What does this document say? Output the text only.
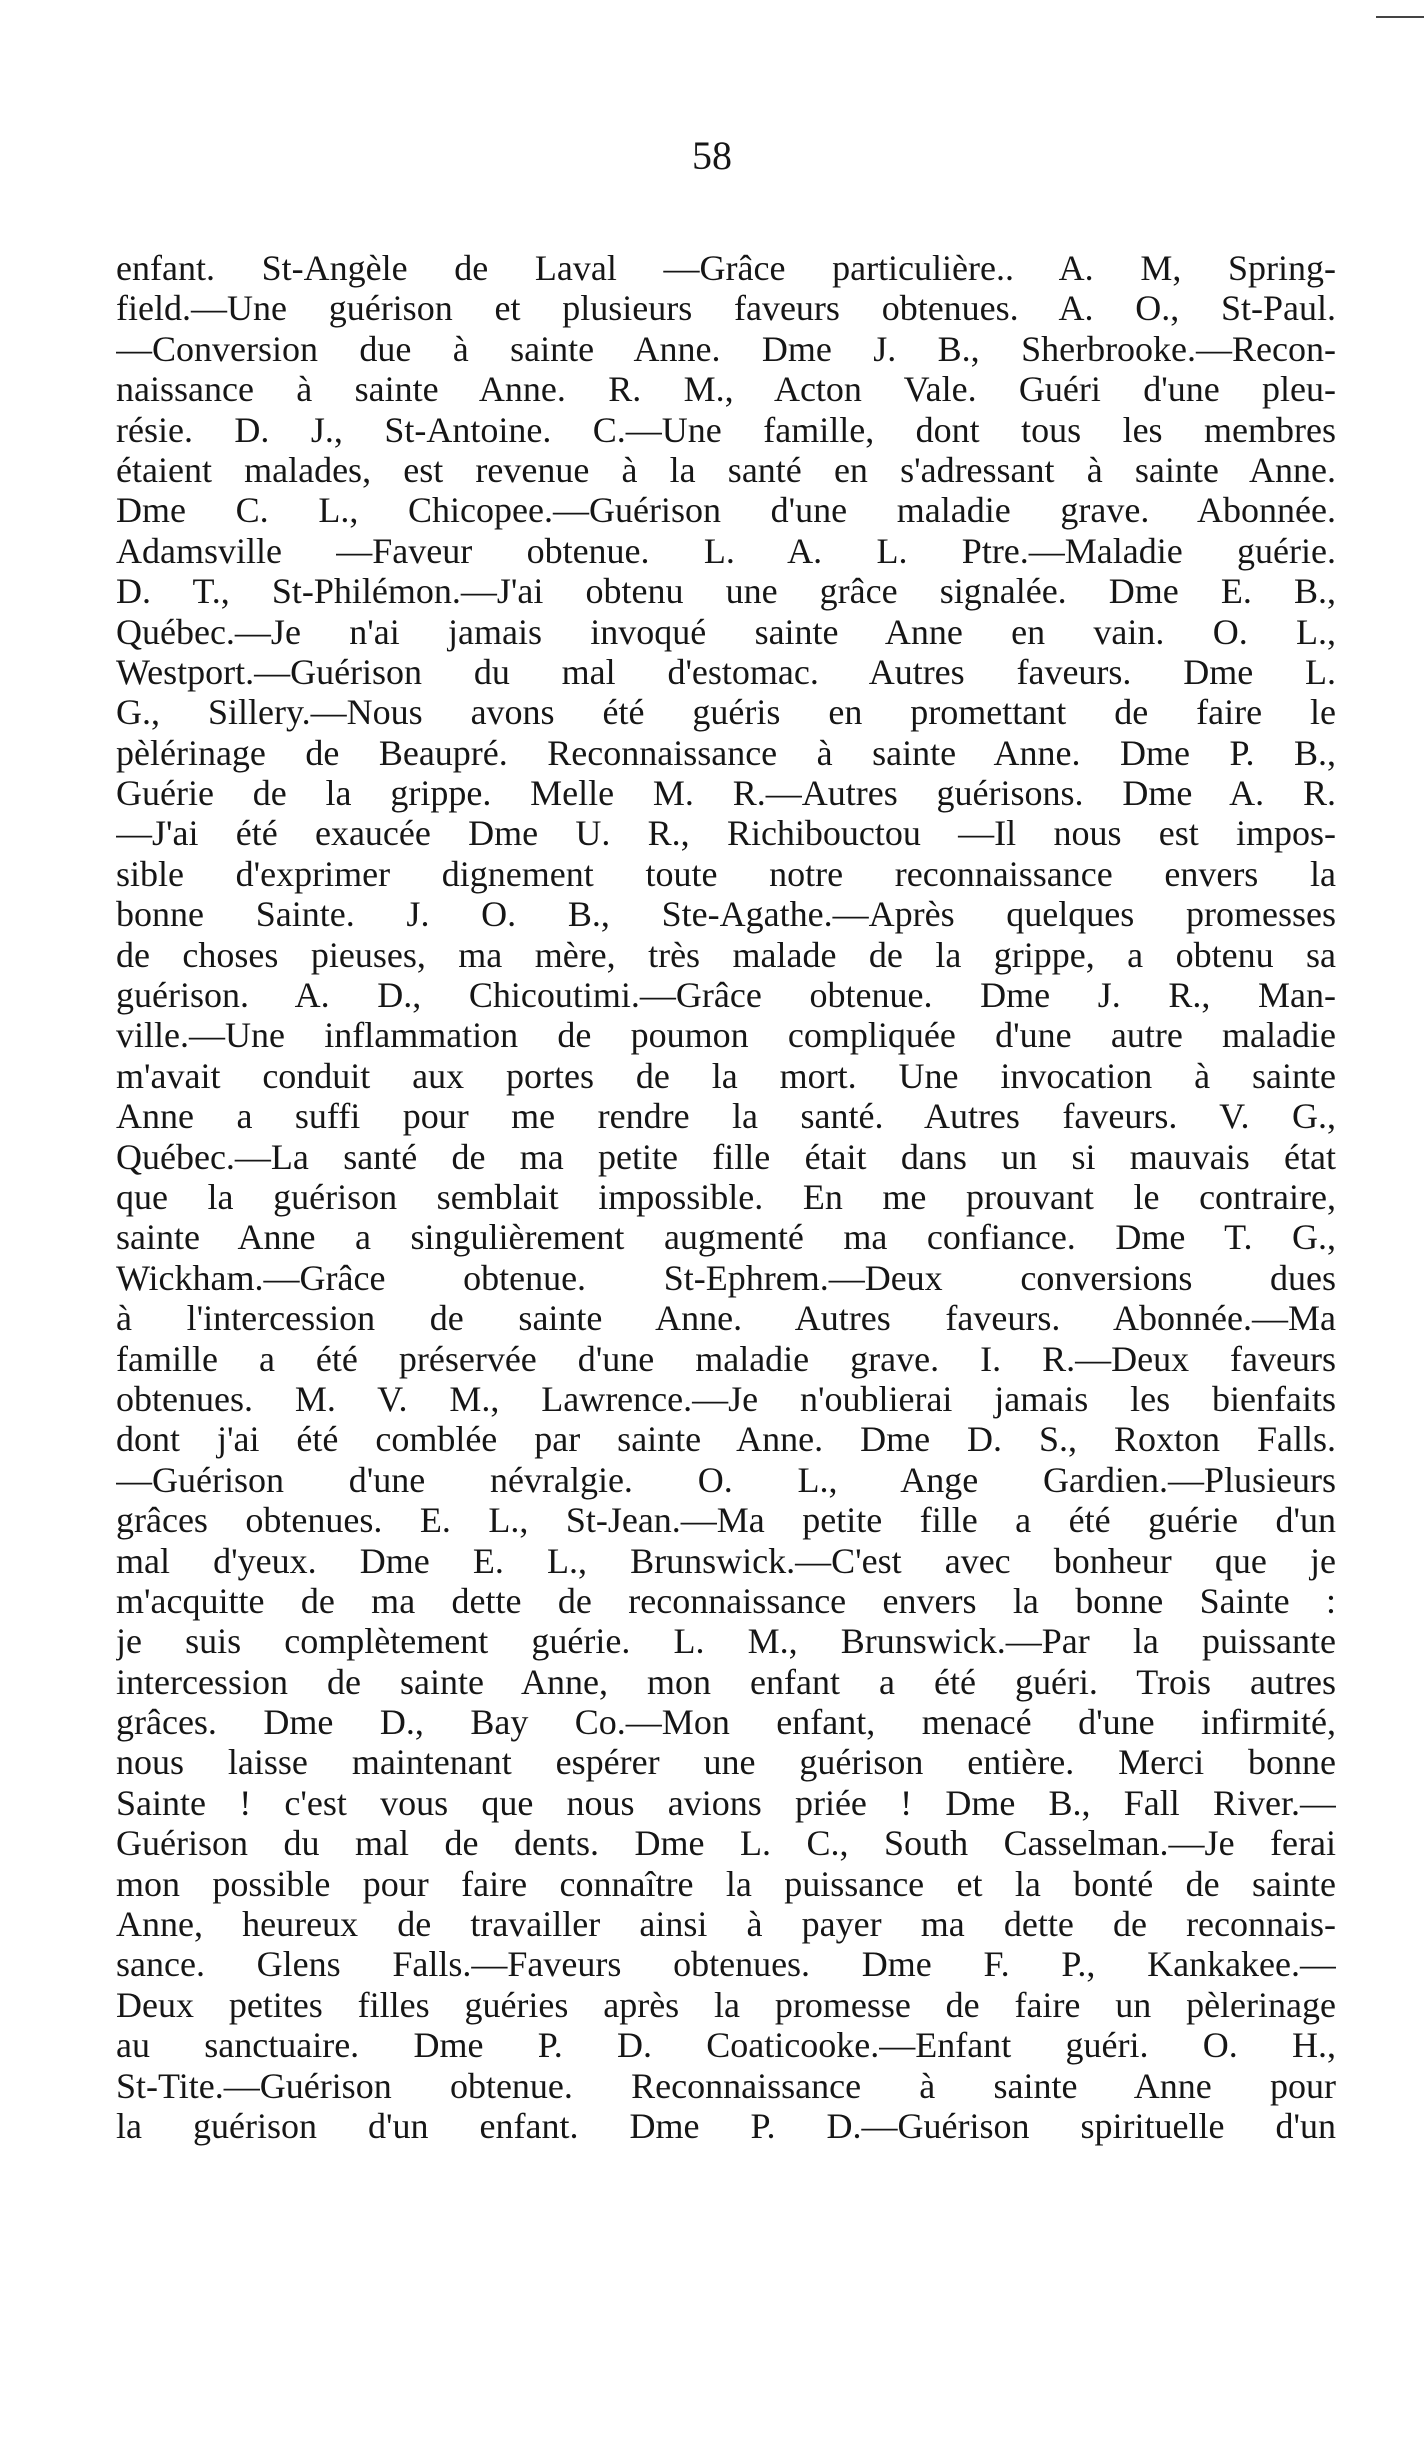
58
enfant. St-Angèle de Laval —Grâce particulière.. A. M, Spring-
field.—Une guérison et plusieurs faveurs obtenues. A. O., St-Paul.
—Conversion due à sainte Anne. Dme J. B., Sherbrooke.—Recon-
naissance à sainte Anne. R. M., Acton Vale. Guéri d'une pleu-
résie. D. J., St-Antoine. C.—Une famille, dont tous les membres
étaient malades, est revenue à la santé en s'adressant à sainte Anne.
Dme C. L., Chicopee.—Guérison d'une maladie grave. Abonnée.
Adamsville —Faveur obtenue. L. A. L. Ptre.—Maladie guérie.
D. T., St-Philémon.—J'ai obtenu une grâce signalée. Dme E. B.,
Québec.—Je n'ai jamais invoqué sainte Anne en vain. O. L.,
Westport.—Guérison du mal d'estomac. Autres faveurs. Dme L.
G., Sillery.—Nous avons été guéris en promettant de faire le
pèlérinage de Beaupré. Reconnaissance à sainte Anne. Dme P. B.,
Guérie de la grippe. Melle M. R.—Autres guérisons. Dme A. R.
—J'ai été exaucée Dme U. R., Richibouctou —Il nous est impos-
sible d'exprimer dignement toute notre reconnaissance envers la
bonne Sainte. J. O. B., Ste-Agathe.—Après quelques promesses
de choses pieuses, ma mère, très malade de la grippe, a obtenu sa
guérison. A. D., Chicoutimi.—Grâce obtenue. Dme J. R., Man-
ville.—Une inflammation de poumon compliquée d'une autre maladie
m'avait conduit aux portes de la mort. Une invocation à sainte
Anne a suffi pour me rendre la santé. Autres faveurs. V. G.,
Québec.—La santé de ma petite fille était dans un si mauvais état
que la guérison semblait impossible. En me prouvant le contraire,
sainte Anne a singulièrement augmenté ma confiance. Dme T. G.,
Wickham.—Grâce obtenue. St-Ephrem.—Deux conversions dues
à l'intercession de sainte Anne. Autres faveurs. Abonnée.—Ma
famille a été préservée d'une maladie grave. I. R.—Deux faveurs
obtenues. M. V. M., Lawrence.—Je n'oublierai jamais les bienfaits
dont j'ai été comblée par sainte Anne. Dme D. S., Roxton Falls.
—Guérison d'une névralgie. O. L., Ange Gardien.—Plusieurs
grâces obtenues. E. L., St-Jean.—Ma petite fille a été guérie d'un
mal d'yeux. Dme E. L., Brunswick.—C'est avec bonheur que je
m'acquitte de ma dette de reconnaissance envers la bonne Sainte :
je suis complètement guérie. L. M., Brunswick.—Par la puissante
intercession de sainte Anne, mon enfant a été guéri. Trois autres
grâces. Dme D., Bay Co.—Mon enfant, menacé d'une infirmité,
nous laisse maintenant espérer une guérison entière. Merci bonne
Sainte ! c'est vous que nous avions priée ! Dme B., Fall River.—
Guérison du mal de dents. Dme L. C., South Casselman.—Je ferai
mon possible pour faire connaître la puissance et la bonté de sainte
Anne, heureux de travailler ainsi à payer ma dette de reconnais-
sance. Glens Falls.—Faveurs obtenues. Dme F. P., Kankakee.—
Deux petites filles guéries après la promesse de faire un pèlerinage
au sanctuaire. Dme P. D. Coaticooke.—Enfant guéri. O. H.,
St-Tite.—Guérison obtenue. Reconnaissance à sainte Anne pour
la guérison d'un enfant. Dme P. D.—Guérison spirituelle d'un
